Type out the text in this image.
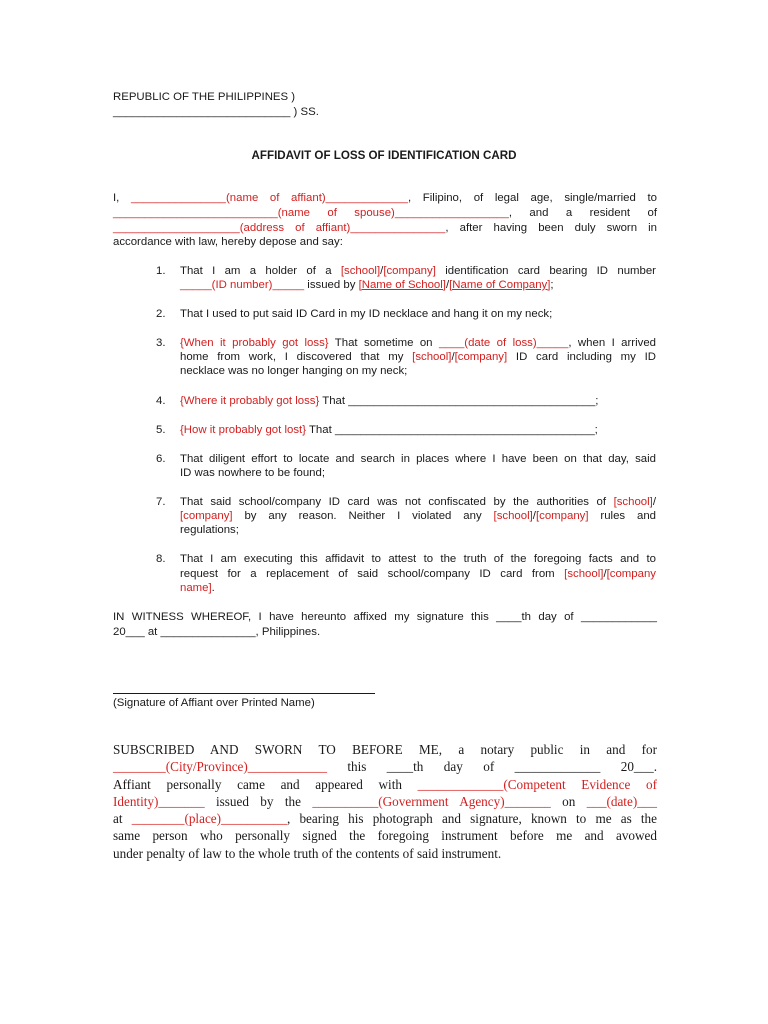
REPUBLIC OF THE PHILIPPINES )
____________________________ ) SS.
AFFIDAVIT OF LOSS OF IDENTIFICATION CARD
I, _______________(name of affiant)_____________, Filipino, of legal age, single/married to
__________________________(name of spouse)__________________, and a resident of
____________________(address of affiant)_______________, after having been duly sworn in
accordance with law, hereby depose and say:
1. That I am a holder of a [school]/[company] identification card bearing ID number
_____(ID number)_____ issued by [Name of School]/[Name of Company];
2. That I used to put said ID Card in my ID necklace and hang it on my neck;
3. {When it probably got loss} That sometime on ____(date of loss)_____, when I arrived
home from work, I discovered that my [school]/[company] ID card including my ID
necklace was no longer hanging on my neck;
4. {Where it probably got loss} That _______________________________________;
5. {How it probably got lost} That _________________________________________;
6. That diligent effort to locate and search in places where I have been on that day, said
ID was nowhere to be found;
7. That said school/company ID card was not confiscated by the authorities of [school]/
[company] by any reason. Neither I violated any [school]/[company] rules and
regulations;
8. That I am executing this affidavit to attest to the truth of the foregoing facts and to
request for a replacement of said school/company ID card from [school]/[company
name].
IN WITNESS WHEREOF, I have hereunto affixed my signature this ____th day of ____________
20___ at _______________, Philippines.
(Signature of Affiant over Printed Name)
SUBSCRIBED AND SWORN TO BEFORE ME, a notary public in and for
________(City/Province)____________ this ____th day of _____________ 20___.
Affiant personally came and appeared with _____________(Competent Evidence of
Identity)_______ issued by the __________(Government Agency)_______ on ___(date)___
at ________(place)__________, bearing his photograph and signature, known to me as the
same person who personally signed the foregoing instrument before me and avowed
under penalty of law to the whole truth of the contents of said instrument.
